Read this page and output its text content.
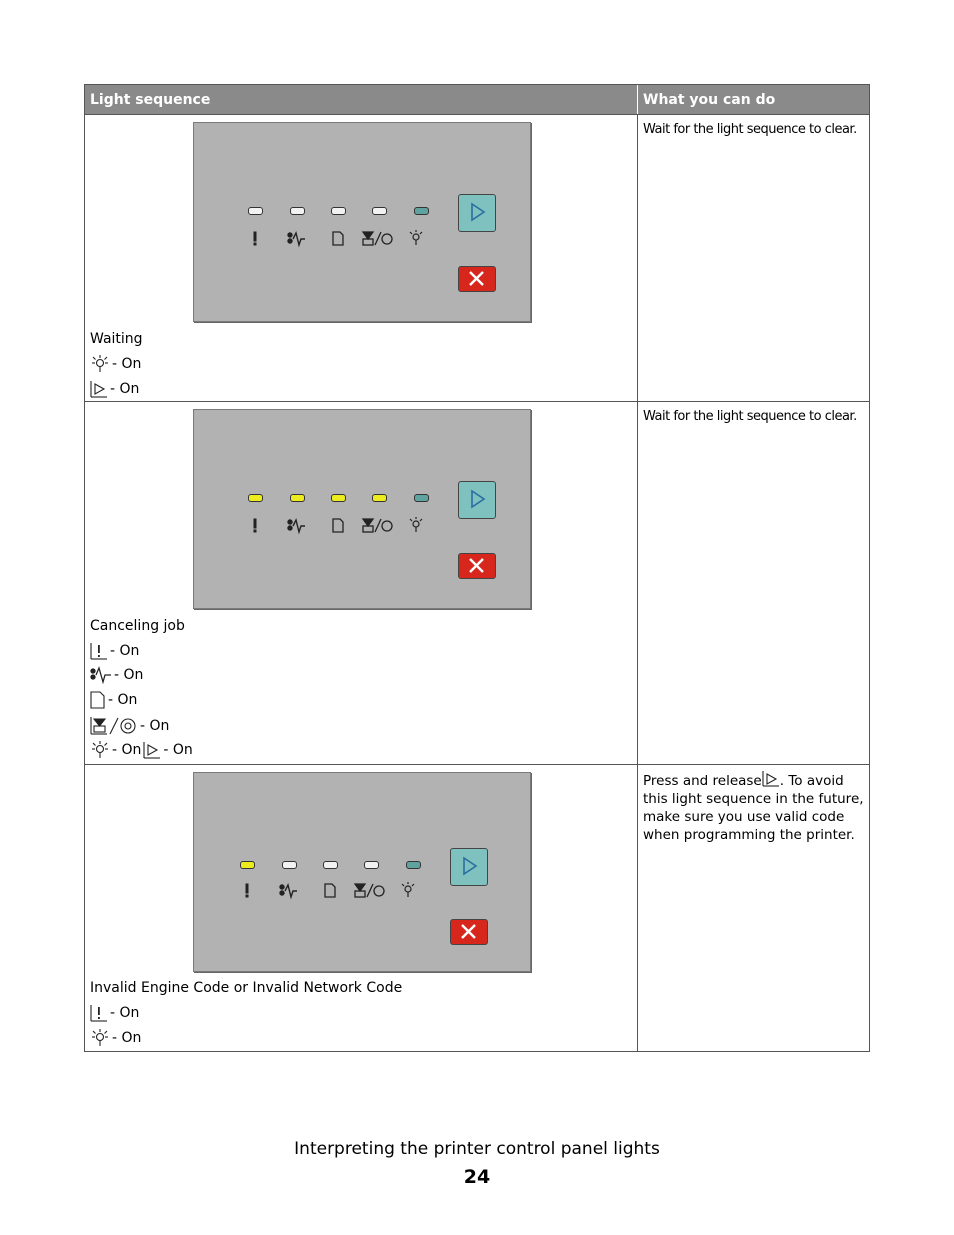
Light sequence	What you can do
Waiting
- On
- On
Wait for the light sequence to clear.
Canceling job
- On
- On
- On
- On
- On - On
Wait for the light sequence to clear.
Invalid Engine Code or Invalid Network Code
- On
- On
Press and release . To avoid this light sequence in the future, make sure you use valid code when programming the printer.
Interpreting the printer control panel lights
24
